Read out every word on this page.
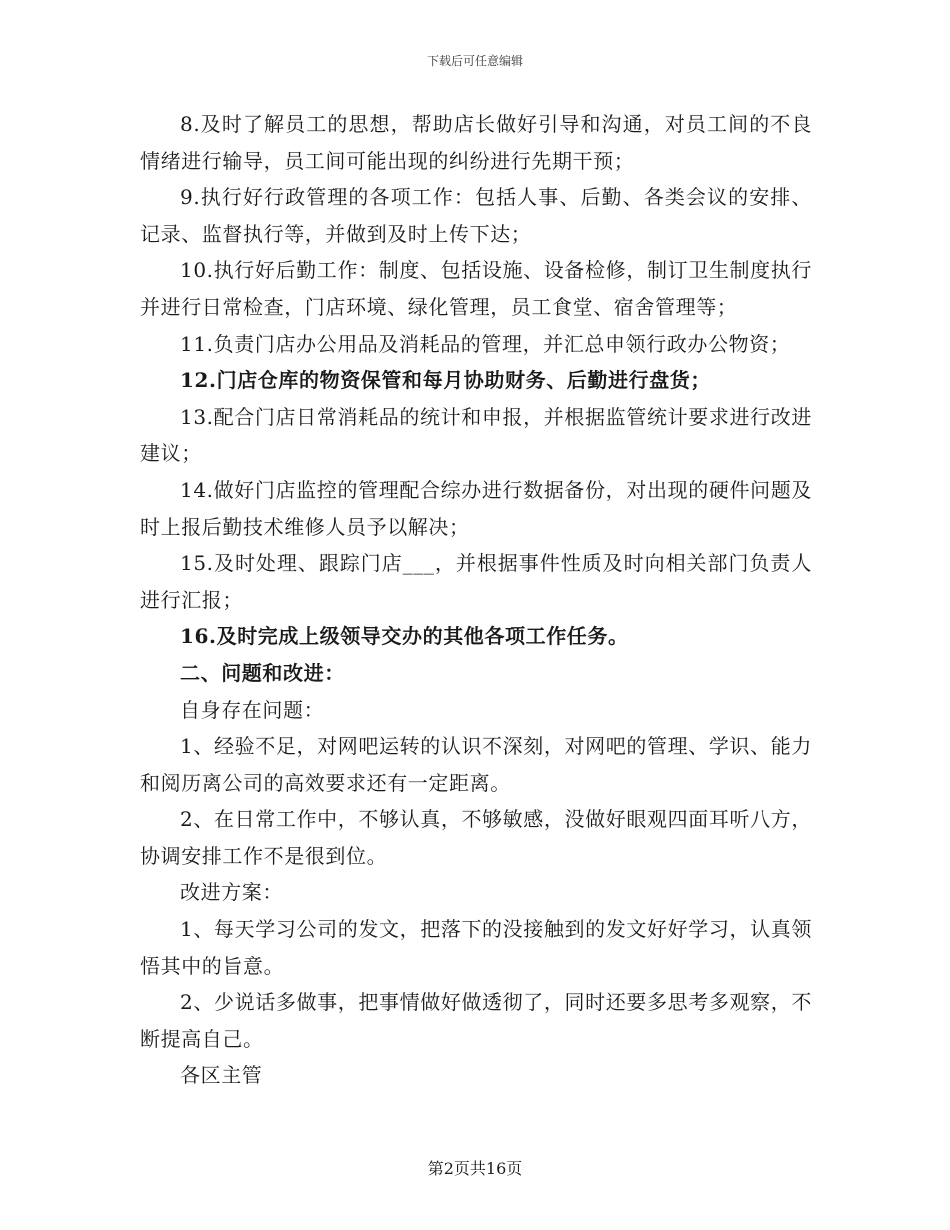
下载后可任意编辑

8.及时了解员工的思想，帮助店长做好引导和沟通，对员工间的不良情绪进行输导，员工间可能出现的纠纷进行先期干预；

9.执行好行政管理的各项工作：包括人事、后勤、各类会议的安排、记录、监督执行等，并做到及时上传下达；

10.执行好后勤工作：制度、包括设施、设备检修，制订卫生制度执行并进行日常检查，门店环境、绿化管理，员工食堂、宿舍管理等；

11.负责门店办公用品及消耗品的管理，并汇总申领行政办公物资；

12.门店仓库的物资保管和每月协助财务、后勤进行盘货；

13.配合门店日常消耗品的统计和申报，并根据监管统计要求进行改进建议；

14.做好门店监控的管理配合综办进行数据备份，对出现的硬件问题及时上报后勤技术维修人员予以解决；

15.及时处理、跟踪门店___，并根据事件性质及时向相关部门负责人进行汇报；

16.及时完成上级领导交办的其他各项工作任务。

二、问题和改进：

自身存在问题：

1、经验不足，对网吧运转的认识不深刻，对网吧的管理、学识、能力和阅历离公司的高效要求还有一定距离。

2、在日常工作中，不够认真，不够敏感，没做好眼观四面耳听八方，协调安排工作不是很到位。

改进方案：

1、每天学习公司的发文，把落下的没接触到的发文好好学习，认真领悟其中的旨意。

2、少说话多做事，把事情做好做透彻了，同时还要多思考多观察，不断提高自己。

各区主管

第2页共16页
